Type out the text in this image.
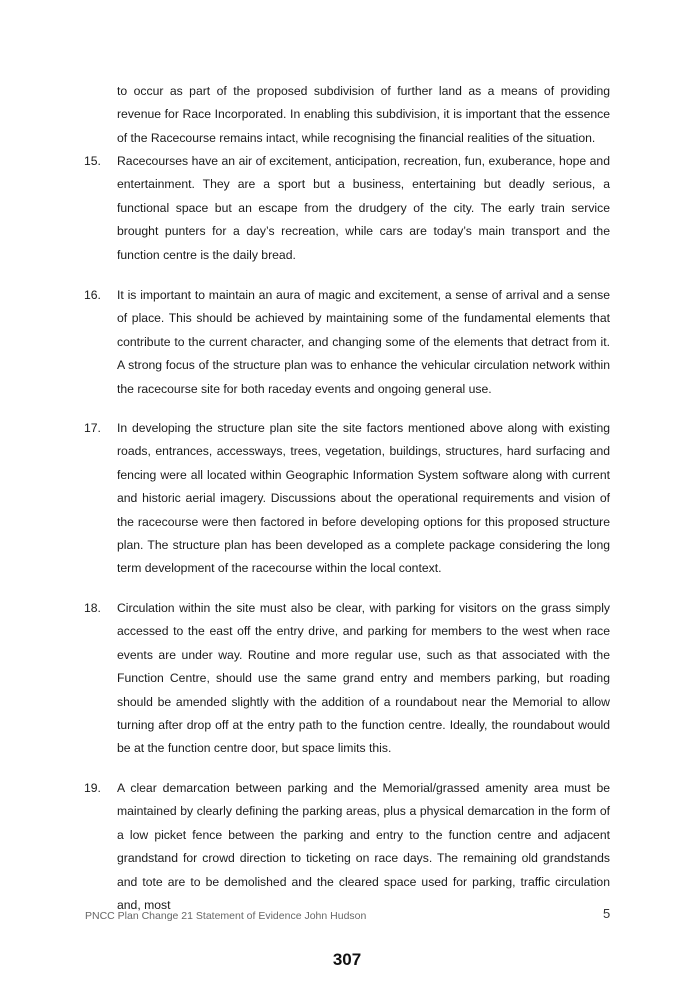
to occur as part of the proposed subdivision of further land as a means of providing revenue for Race Incorporated. In enabling this subdivision, it is important that the essence of the Racecourse remains intact, while recognising the financial realities of the situation.
15. Racecourses have an air of excitement, anticipation, recreation, fun, exuberance, hope and entertainment. They are a sport but a business, entertaining but deadly serious, a functional space but an escape from the drudgery of the city. The early train service brought punters for a day’s recreation, while cars are today’s main transport and the function centre is the daily bread.
16. It is important to maintain an aura of magic and excitement, a sense of arrival and a sense of place. This should be achieved by maintaining some of the fundamental elements that contribute to the current character, and changing some of the elements that detract from it. A strong focus of the structure plan was to enhance the vehicular circulation network within the racecourse site for both raceday events and ongoing general use.
17. In developing the structure plan site the site factors mentioned above along with existing roads, entrances, accessways, trees, vegetation, buildings, structures, hard surfacing and fencing were all located within Geographic Information System software along with current and historic aerial imagery. Discussions about the operational requirements and vision of the racecourse were then factored in before developing options for this proposed structure plan. The structure plan has been developed as a complete package considering the long term development of the racecourse within the local context.
18. Circulation within the site must also be clear, with parking for visitors on the grass simply accessed to the east off the entry drive, and parking for members to the west when race events are under way. Routine and more regular use, such as that associated with the Function Centre, should use the same grand entry and members parking, but roading should be amended slightly with the addition of a roundabout near the Memorial to allow turning after drop off at the entry path to the function centre. Ideally, the roundabout would be at the function centre door, but space limits this.
19. A clear demarcation between parking and the Memorial/grassed amenity area must be maintained by clearly defining the parking areas, plus a physical demarcation in the form of a low picket fence between the parking and entry to the function centre and adjacent grandstand for crowd direction to ticketing on race days. The remaining old grandstands and tote are to be demolished and the cleared space used for parking, traffic circulation and, most
PNCC Plan Change 21 Statement of Evidence John Hudson	5
307
